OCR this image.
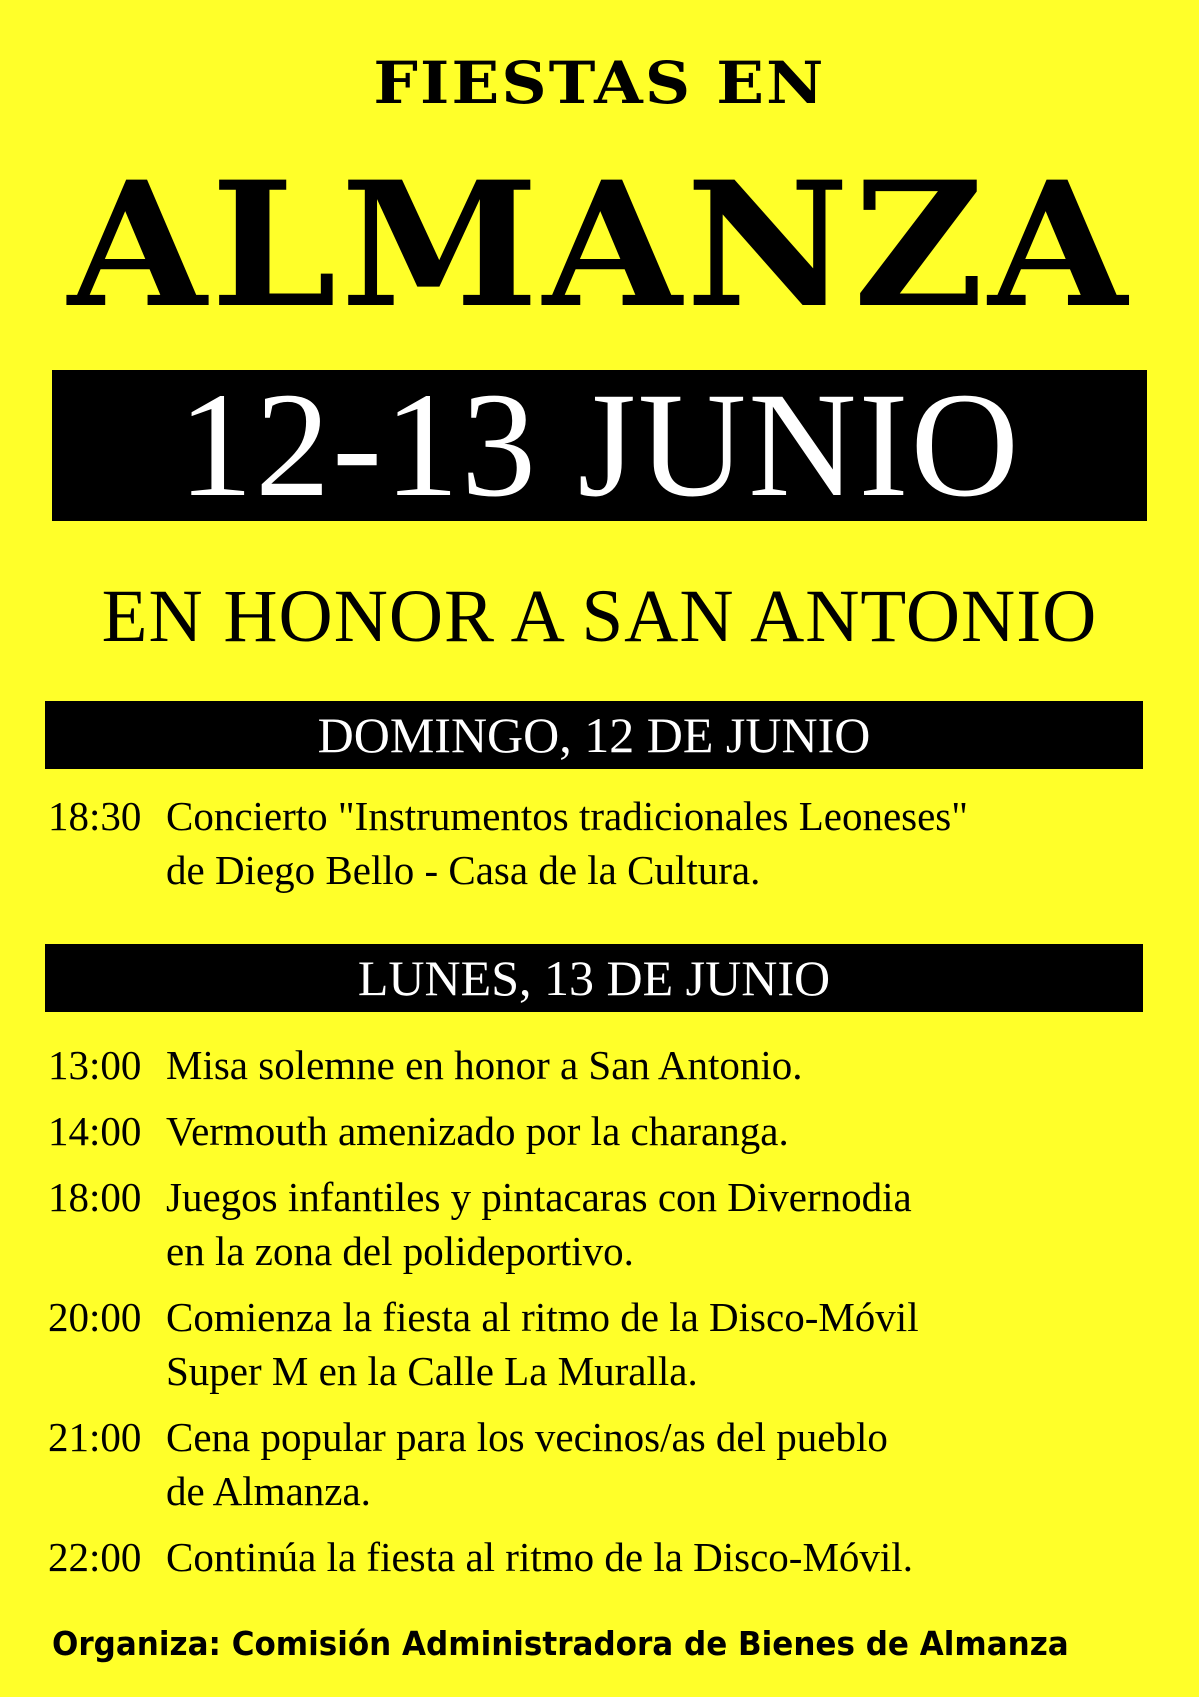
FIESTAS EN
ALMANZA
12-13 JUNIO
EN HONOR A SAN ANTONIO
DOMINGO, 12 DE JUNIO
18:30 Concierto "Instrumentos tradicionales Leoneses"
de Diego Bello - Casa de la Cultura.
LUNES, 13 DE JUNIO
13:00 Misa solemne en honor a San Antonio.
14:00 Vermouth amenizado por la charanga.
18:00 Juegos infantiles y pintacaras con Divernodia
en la zona del polideportivo.
20:00 Comienza la fiesta al ritmo de la Disco-Móvil
Super M en la Calle La Muralla.
21:00 Cena popular para los vecinos/as del pueblo
de Almanza.
22:00 Continúa la fiesta al ritmo de la Disco-Móvil.
Organiza: Comisión Administradora de Bienes de Almanza
